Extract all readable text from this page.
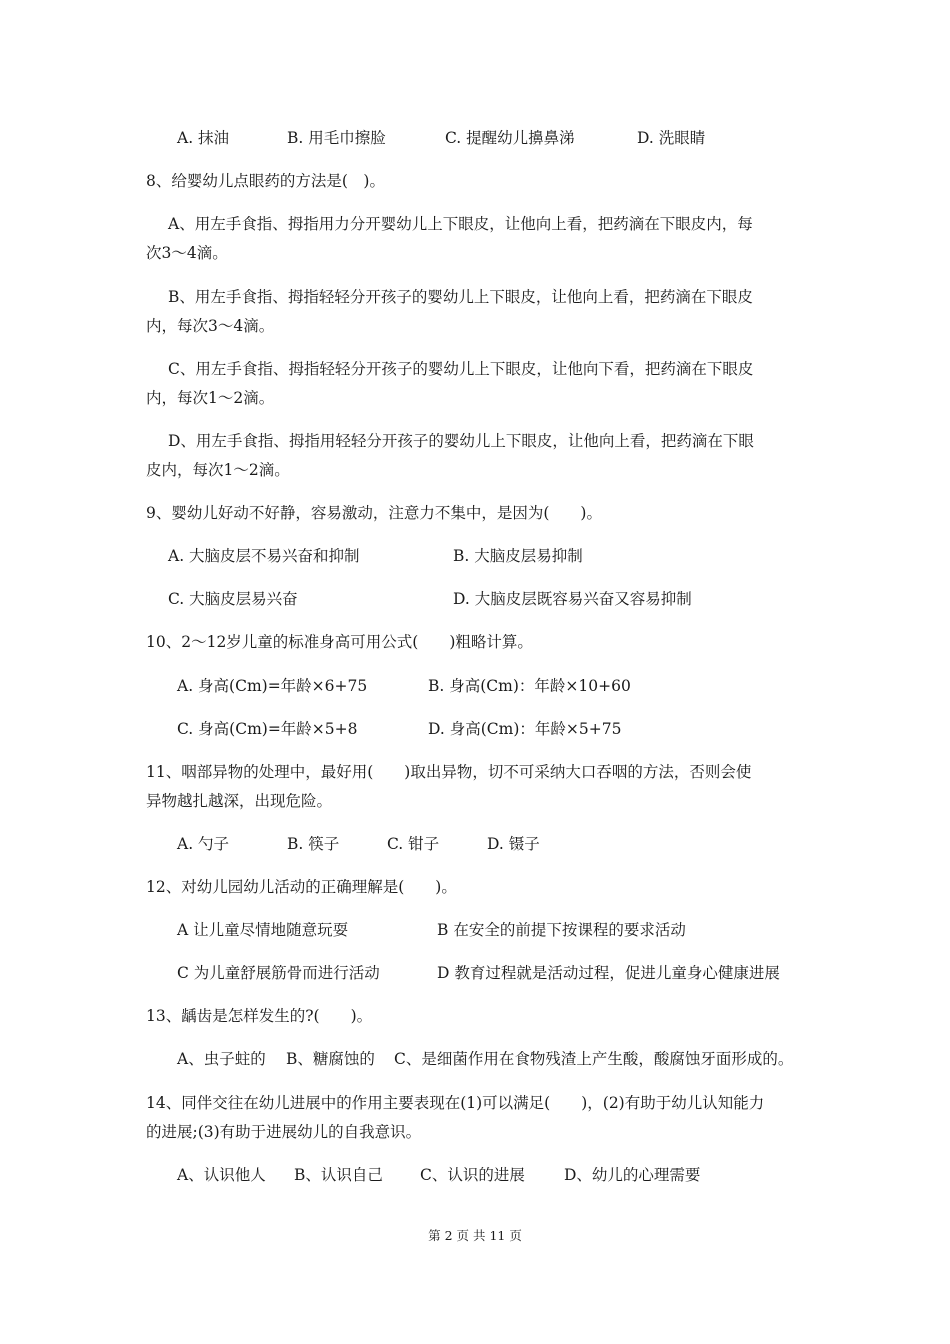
A. 抹油	B. 用毛巾擦脸	C. 提醒幼儿擤鼻涕	D. 洗眼睛
8、给婴幼儿点眼药的方法是(　)。
A、用左手食指、拇指用力分开婴幼儿上下眼皮，让他向上看，把药滴在下眼皮内，每
次3～4滴。
B、用左手食指、拇指轻轻分开孩子的婴幼儿上下眼皮，让他向上看，把药滴在下眼皮
内，每次3～4滴。
C、用左手食指、拇指轻轻分开孩子的婴幼儿上下眼皮，让他向下看，把药滴在下眼皮
内，每次1～2滴。
D、用左手食指、拇指用轻轻分开孩子的婴幼儿上下眼皮，让他向上看，把药滴在下眼
皮内，每次1～2滴。
9、婴幼儿好动不好静，容易激动，注意力不集中，是因为(　　)。
A. 大脑皮层不易兴奋和抑制	B. 大脑皮层易抑制
C. 大脑皮层易兴奋	D. 大脑皮层既容易兴奋又容易抑制
10、2～12岁儿童的标准身高可用公式(　　)粗略计算。
A. 身高(Cm)=年龄×6+75	B. 身高(Cm)：年龄×10+60
C. 身高(Cm)=年龄×5+8	D. 身高(Cm)：年龄×5+75
11、咽部异物的处理中，最好用(　　)取出异物，切不可采纳大口吞咽的方法，否则会使
异物越扎越深，出现危险。
A. 勺子	B. 筷子	C. 钳子	D. 镊子
12、对幼儿园幼儿活动的正确理解是(　　)。
A 让儿童尽情地随意玩耍	B 在安全的前提下按课程的要求活动
C 为儿童舒展筋骨而进行活动	D 教育过程就是活动过程，促进儿童身心健康进展
13、龋齿是怎样发生的?(　　)。
A、虫子蛀的 B、糖腐蚀的 C、是细菌作用在食物残渣上产生酸，酸腐蚀牙面形成的。
14、同伴交往在幼儿进展中的作用主要表现在(1)可以满足(　　)，(2)有助于幼儿认知能力
的进展;(3)有助于进展幼儿的自我意识。
A、认识他人 B、认识自己 C、认识的进展	D、幼儿的心理需要
第 2 页 共 11 页
